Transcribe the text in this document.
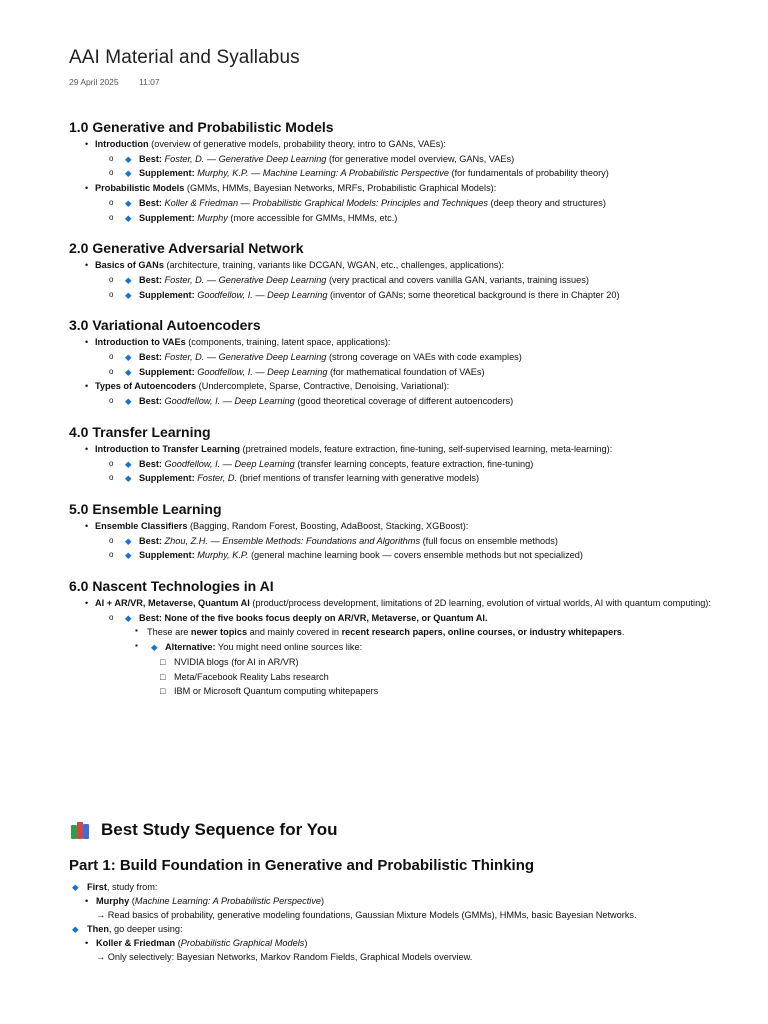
AAI Material and Syallabus
29 April 2025 11:07
1.0 Generative and Probabilistic Models
• Introduction (overview of generative models, probability theory, intro to GANs, VAEs):
o ◆ Best: Foster, D. — Generative Deep Learning (for generative model overview, GANs, VAEs)
o ◆ Supplement: Murphy, K.P. — Machine Learning: A Probabilistic Perspective (for fundamentals of probability theory)
• Probabilistic Models (GMMs, HMMs, Bayesian Networks, MRFs, Probabilistic Graphical Models):
o ◆ Best: Koller & Friedman — Probabilistic Graphical Models: Principles and Techniques (deep theory and structures)
o ◆ Supplement: Murphy (more accessible for GMMs, HMMs, etc.)
2.0 Generative Adversarial Network
• Basics of GANs (architecture, training, variants like DCGAN, WGAN, etc., challenges, applications):
o ◆ Best: Foster, D. — Generative Deep Learning (very practical and covers vanilla GAN, variants, training issues)
o ◆ Supplement: Goodfellow, I. — Deep Learning (inventor of GANs; some theoretical background is there in Chapter 20)
3.0 Variational Autoencoders
• Introduction to VAEs (components, training, latent space, applications):
o ◆ Best: Foster, D. — Generative Deep Learning (strong coverage on VAEs with code examples)
o ◆ Supplement: Goodfellow, I. — Deep Learning (for mathematical foundation of VAEs)
• Types of Autoencoders (Undercomplete, Sparse, Contractive, Denoising, Variational):
o ◆ Best: Goodfellow, I. — Deep Learning (good theoretical coverage of different autoencoders)
4.0 Transfer Learning
• Introduction to Transfer Learning (pretrained models, feature extraction, fine-tuning, self-supervised learning, meta-learning):
o ◆ Best: Goodfellow, I. — Deep Learning (transfer learning concepts, feature extraction, fine-tuning)
o ◆ Supplement: Foster, D. (brief mentions of transfer learning with generative models)
5.0 Ensemble Learning
• Ensemble Classifiers (Bagging, Random Forest, Boosting, AdaBoost, Stacking, XGBoost):
o ◆ Best: Zhou, Z.H. — Ensemble Methods: Foundations and Algorithms (full focus on ensemble methods)
o ◆ Supplement: Murphy, K.P. (general machine learning book — covers ensemble methods but not specialized)
6.0 Nascent Technologies in AI
• AI + AR/VR, Metaverse, Quantum AI (product/process development, limitations of 2D learning, evolution of virtual worlds, AI with quantum computing):
o ◆ Best: None of the five books focus deeply on AR/VR, Metaverse, or Quantum AI.
▪ These are newer topics and mainly covered in recent research papers, online courses, or industry whitepapers.
▪ ◆ Alternative: You might need online sources like:
□ NVIDIA blogs (for AI in AR/VR)
□ Meta/Facebook Reality Labs research
□ IBM or Microsoft Quantum computing whitepapers
Best Study Sequence for You
Part 1: Build Foundation in Generative and Probabilistic Thinking
◆ First, study from:
• Murphy (Machine Learning: A Probabilistic Perspective)
→ Read basics of probability, generative modeling foundations, Gaussian Mixture Models (GMMs), HMMs, basic Bayesian Networks.
◆ Then, go deeper using:
• Koller & Friedman (Probabilistic Graphical Models)
→ Only selectively: Bayesian Networks, Markov Random Fields, Graphical Models overview.
